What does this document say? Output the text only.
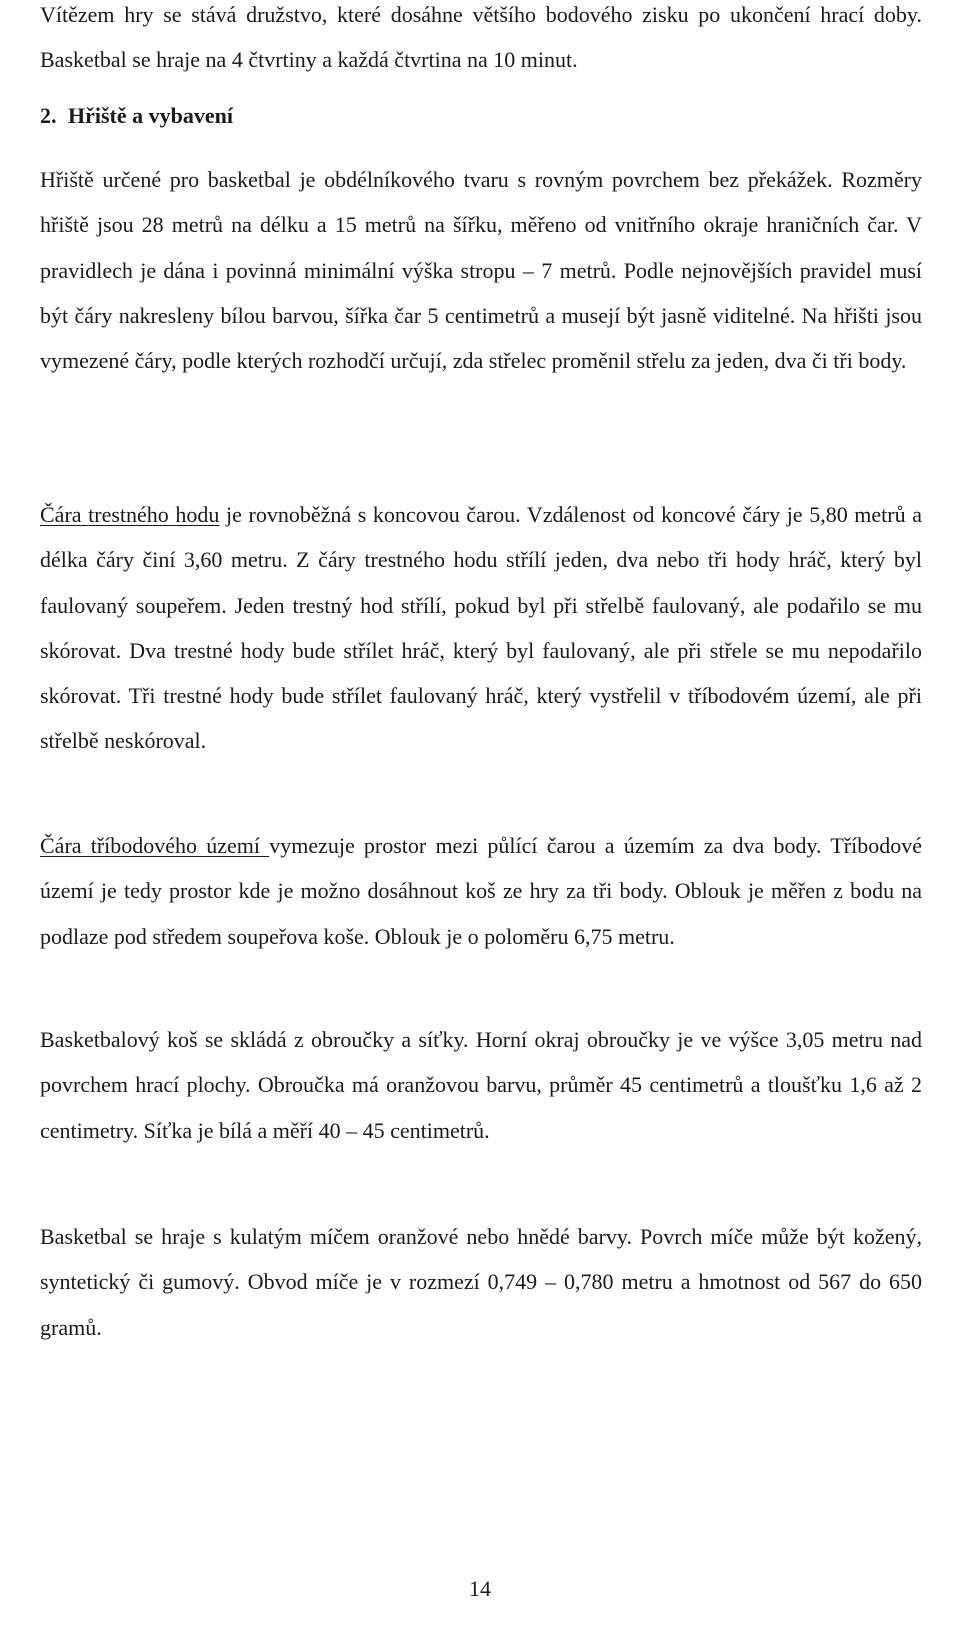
Vítězem hry se stává družstvo, které dosáhne většího bodového zisku po ukončení hrací doby. Basketbal se hraje na 4 čtvrtiny a každá čtvrtina na 10 minut.

2. Hřiště a vybavení

Hřiště určené pro basketbal je obdélníkového tvaru s rovným povrchem bez překážek. Rozměry hřiště jsou 28 metrů na délku a 15 metrů na šířku, měřeno od vnitřního okraje hraničních čar. V pravidlech je dána i povinná minimální výška stropu – 7 metrů. Podle nejnovějších pravidel musí být čáry nakresleny bílou barvou, šířka čar 5 centimetrů a musejí být jasně viditelné. Na hřišti jsou vymezené čáry, podle kterých rozhodčí určují, zda střelec proměnil střelu za jeden, dva či tři body.

Čára trestného hodu je rovnoběžná s koncovou čarou. Vzdálenost od koncové čáry je 5,80 metrů a délka čáry činí 3,60 metru. Z čáry trestného hodu střílí jeden, dva nebo tři hody hráč, který byl faulovaný soupeřem. Jeden trestný hod střílí, pokud byl při střelbě faulovaný, ale podařilo se mu skórovat. Dva trestné hody bude střílet hráč, který byl faulovaný, ale při střele se mu nepodařilo skórovat. Tři trestné hody bude střílet faulovaný hráč, který vystřelil v tříbodovém území, ale při střelbě neskóroval.

Čára tříbodového území vymezuje prostor mezi půlící čarou a územím za dva body. Tříbodové území je tedy prostor kde je možno dosáhnout koš ze hry za tři body. Oblouk je měřen z bodu na podlaze pod středem soupeřova koše. Oblouk je o poloměru 6,75 metru.

Basketbalový koš se skládá z obroučky a síťky. Horní okraj obroučky je ve výšce 3,05 metru nad povrchem hrací plochy. Obroučka má oranžovou barvu, průměr 45 centimetrů a tloušťku 1,6 až 2 centimetry. Síťka je bílá a měří 40 – 45 centimetrů.

Basketbal se hraje s kulatým míčem oranžové nebo hnědé barvy. Povrch míče může být kožený, syntetický či gumový. Obvod míče je v rozmezí 0,749 – 0,780 metru a hmotnost od 567 do 650 gramů.

14
